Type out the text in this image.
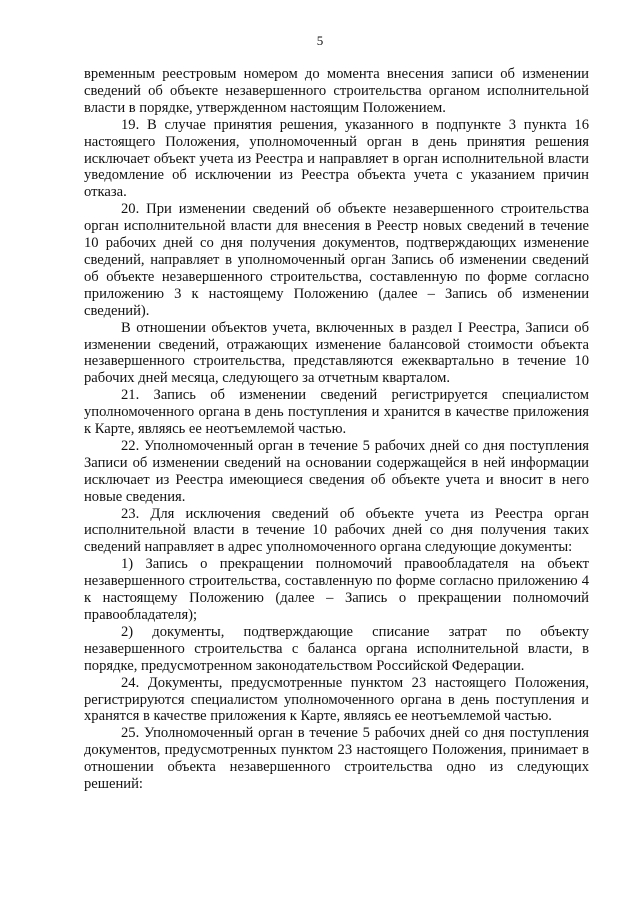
5

временным реестровым номером до момента внесения записи об изменении сведений об объекте незавершенного строительства органом исполнительной власти в порядке, утвержденном настоящим Положением.

19. В случае принятия решения, указанного в подпункте 3 пункта 16 настоящего Положения, уполномоченный орган в день принятия решения исключает объект учета из Реестра и направляет в орган исполнительной власти уведомление об исключении из Реестра объекта учета с указанием причин отказа.

20. При изменении сведений об объекте незавершенного строительства орган исполнительной власти для внесения в Реестр новых сведений в течение 10 рабочих дней со дня получения документов, подтверждающих изменение сведений, направляет в уполномоченный орган Запись об изменении сведений об объекте незавершенного строительства, составленную по форме согласно приложению 3 к настоящему Положению (далее – Запись об изменении сведений).

В отношении объектов учета, включенных в раздел I Реестра, Записи об изменении сведений, отражающих изменение балансовой стоимости объекта незавершенного строительства, представляются ежеквартально в течение 10 рабочих дней месяца, следующего за отчетным кварталом.

21. Запись об изменении сведений регистрируется специалистом уполномоченного органа в день поступления и хранится в качестве приложения к Карте, являясь ее неотъемлемой частью.

22. Уполномоченный орган в течение 5 рабочих дней со дня поступления Записи об изменении сведений на основании содержащейся в ней информации исключает из Реестра имеющиеся сведения об объекте учета и вносит в него новые сведения.

23. Для исключения сведений об объекте учета из Реестра орган исполнительной власти в течение 10 рабочих дней со дня получения таких сведений направляет в адрес уполномоченного органа следующие документы:

1) Запись о прекращении полномочий правообладателя на объект незавершенного строительства, составленную по форме согласно приложению 4 к настоящему Положению (далее – Запись о прекращении полномочий правообладателя);

2) документы, подтверждающие списание затрат по объекту незавершенного строительства с баланса органа исполнительной власти, в порядке, предусмотренном законодательством Российской Федерации.

24. Документы, предусмотренные пунктом 23 настоящего Положения, регистрируются специалистом уполномоченного органа в день поступления и хранятся в качестве приложения к Карте, являясь ее неотъемлемой частью.

25. Уполномоченный орган в течение 5 рабочих дней со дня поступления документов, предусмотренных пунктом 23 настоящего Положения, принимает в отношении объекта незавершенного строительства одно из следующих решений:
